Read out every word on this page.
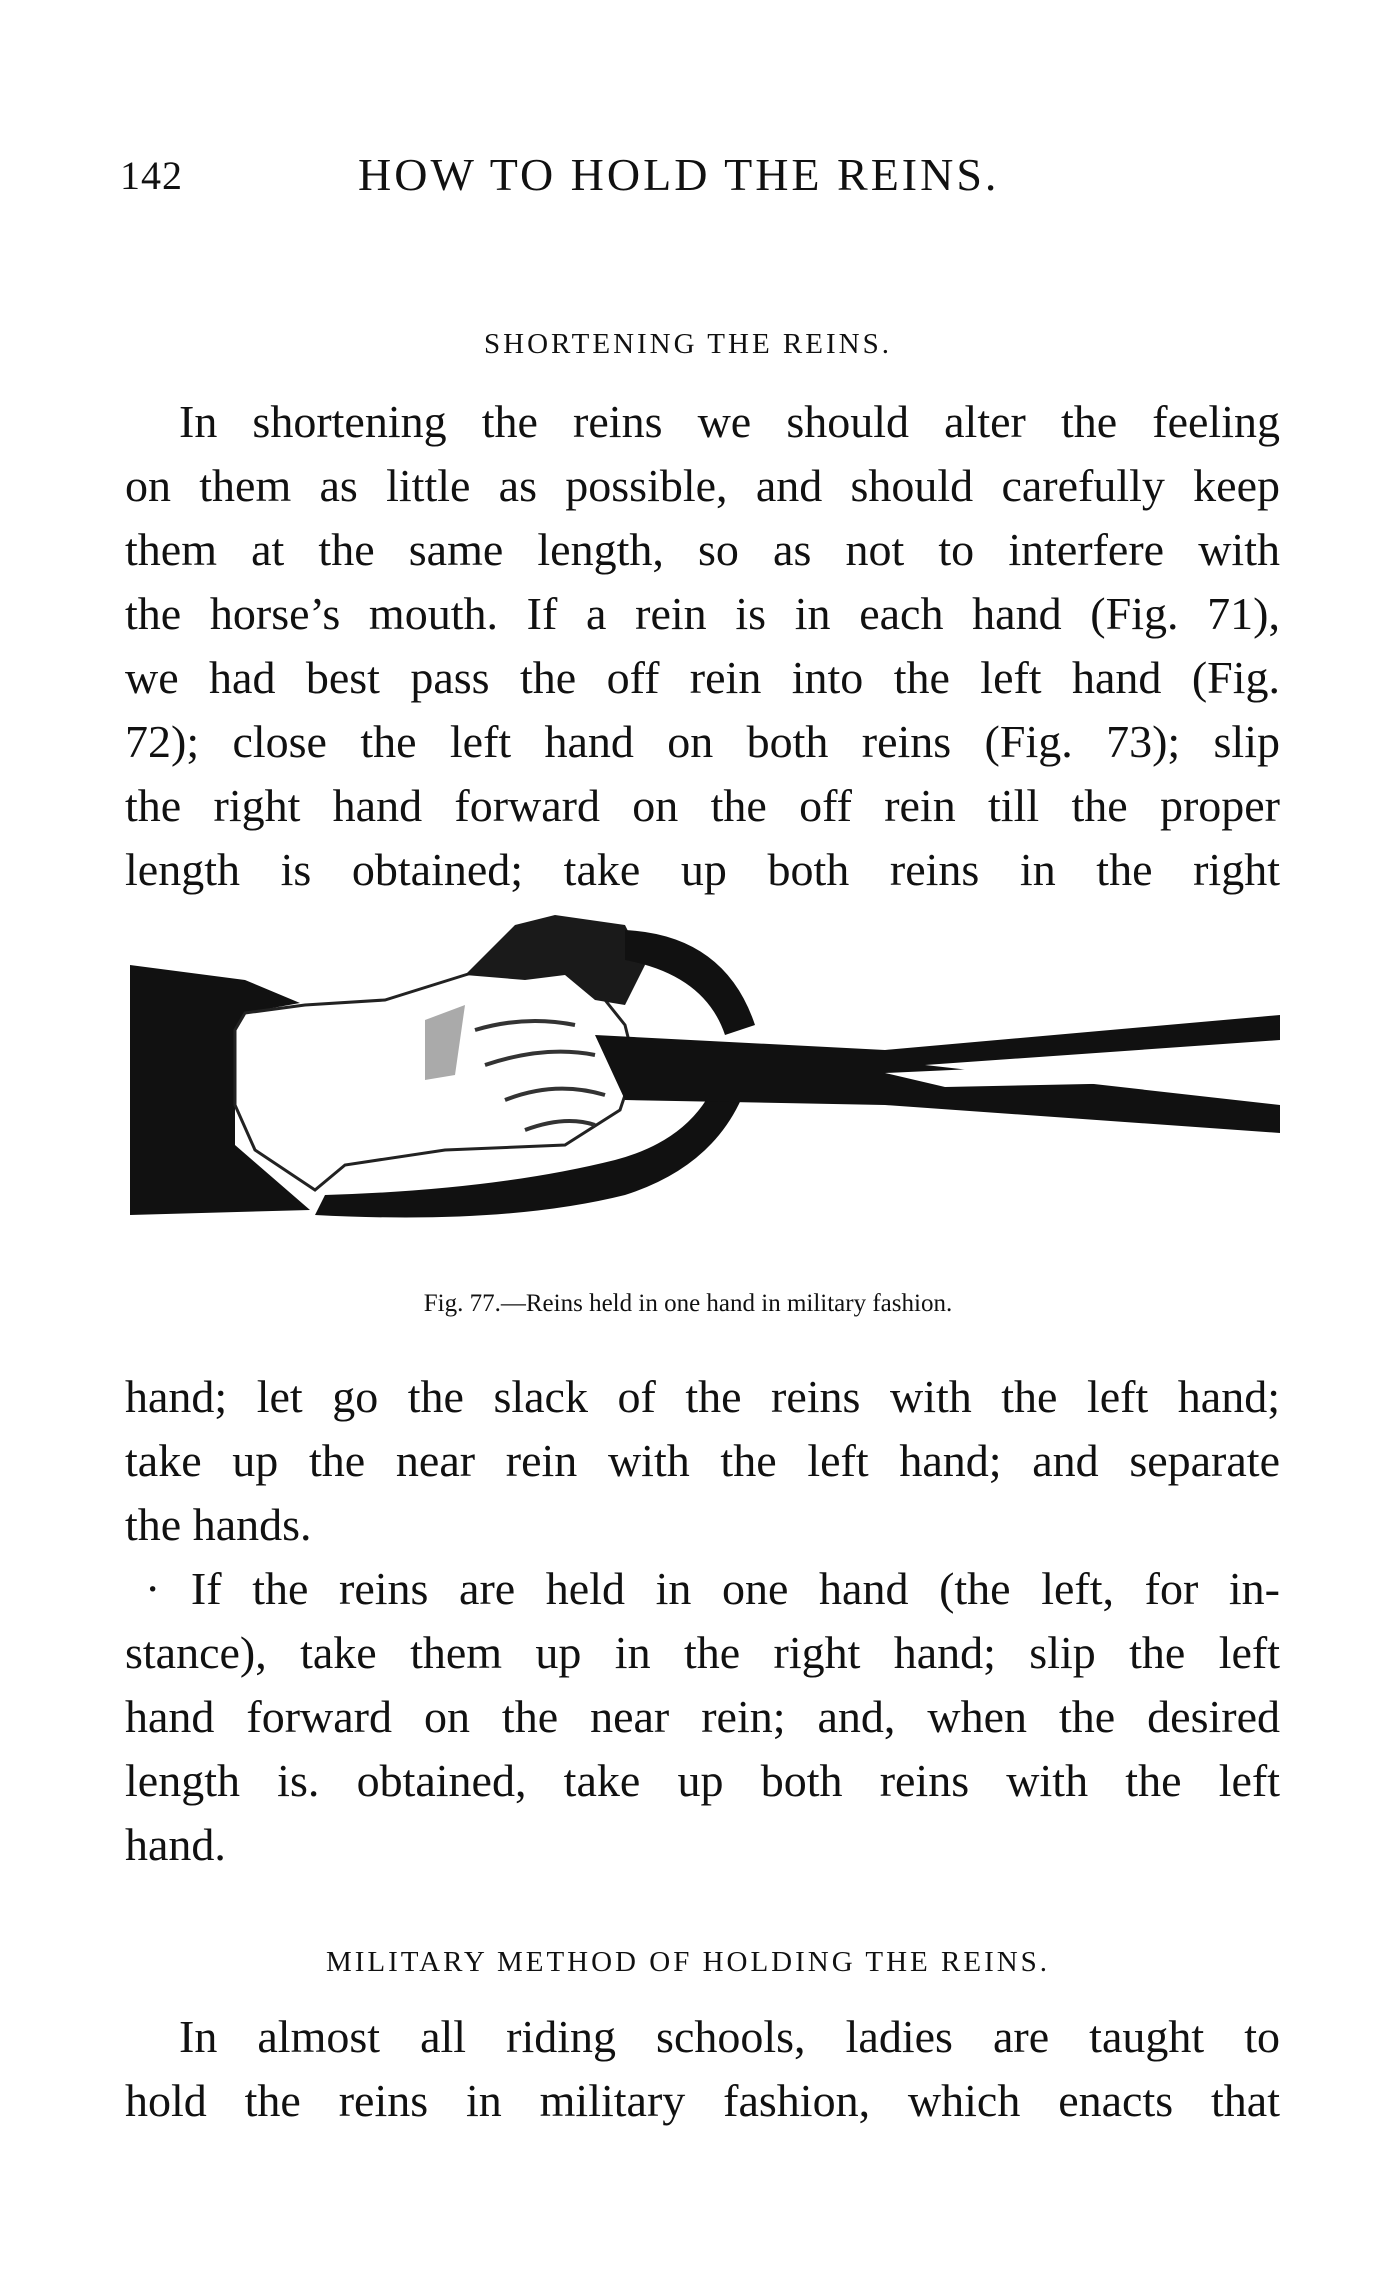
142	HOW TO HOLD THE REINS.
SHORTENING THE REINS.
In shortening the reins we should alter the feeling
on them as little as possible, and should carefully keep
them at the same length, so as not to interfere with
the horse’s mouth. If a rein is in each hand (Fig. 71),
we had best pass the off rein into the left hand (Fig.
72); close the left hand on both reins (Fig. 73); slip
the right hand forward on the off rein till the proper
length is obtained; take up both reins in the right
Fig. 77.—Reins held in one hand in military fashion.
hand; let go the slack of the reins with the left hand;
take up the near rein with the left hand; and separate
the hands.
· If the reins are held in one hand (the left, for in-
stance), take them up in the right hand; slip the left
hand forward on the near rein; and, when the desired
length is. obtained, take up both reins with the left
hand.
MILITARY METHOD OF HOLDING THE REINS.
In almost all riding schools, ladies are taught to
hold the reins in military fashion, which enacts that
